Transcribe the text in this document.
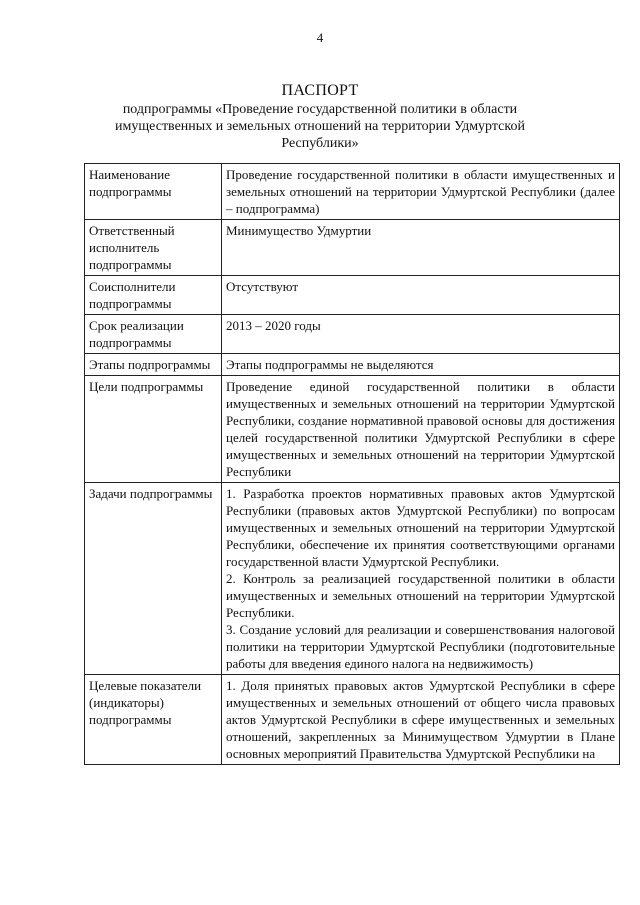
4
ПАСПОРТ
подпрограммы «Проведение государственной политики в области имущественных и земельных отношений на территории Удмуртской Республики»
Наименование подпрограммы	Проведение государственной политики в области имущественных и земельных отношений на территории Удмуртской Республики (далее – подпрограмма)
Ответственный исполнитель подпрограммы	Минимущество Удмуртии
Соисполнители подпрограммы	Отсутствуют
Срок реализации подпрограммы	2013 – 2020 годы
Этапы подпрограммы	Этапы подпрограммы не выделяются
Цели подпрограммы	Проведение единой государственной политики в области имущественных и земельных отношений на территории Удмуртской Республики, создание нормативной правовой основы для достижения целей государственной политики Удмуртской Республики в сфере имущественных и земельных отношений на территории Удмуртской Республики
Задачи подпрограммы	1. Разработка проектов нормативных правовых актов Удмуртской Республики (правовых актов Удмуртской Республики) по вопросам имущественных и земельных отношений на территории Удмуртской Республики, обеспечение их принятия соответствующими органами государственной власти Удмуртской Республики.
2. Контроль за реализацией государственной политики в области имущественных и земельных отношений на территории Удмуртской Республики.
3. Создание условий для реализации и совершенствования налоговой политики на территории Удмуртской Республики (подготовительные работы для введения единого налога на недвижимость)

Целевые показатели (индикаторы) подпрограммы	1. Доля принятых правовых актов Удмуртской Республики в сфере имущественных и земельных отношений от общего числа правовых актов Удмуртской Республики в сфере имущественных и земельных отношений, закрепленных за Минимуществом Удмуртии в Плане основных мероприятий Правительства Удмуртской Республики на
